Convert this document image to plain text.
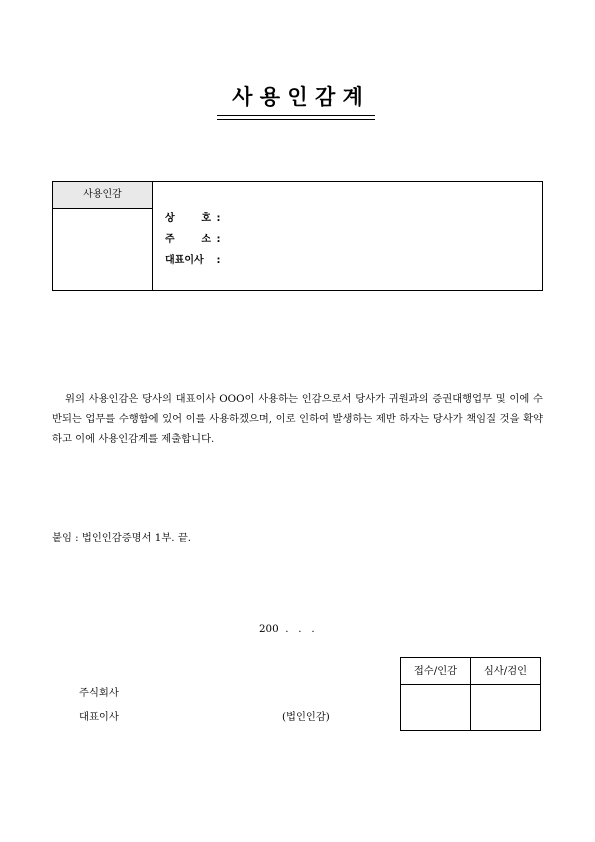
사 용 인 감 계
사용인감
상 호 :
주 소 :
대표이사 :
위의 사용인감은 당사의 대표이사 OOO이 사용하는 인감으로서 당사가 귀원과의 증권대행업무 및 이에 수반되는 업무를 수행함에 있어 이를 사용하겠으며, 이로 인하여 발생하는 제반 하자는 당사가 책임질 것을 확약하고 이에 사용인감계를 제출합니다.
붙임 : 법인인감증명서 1부. 끝.
200  .   .   .
주식회사
대표이사	(법인인감)
접수/인감	심사/검인
